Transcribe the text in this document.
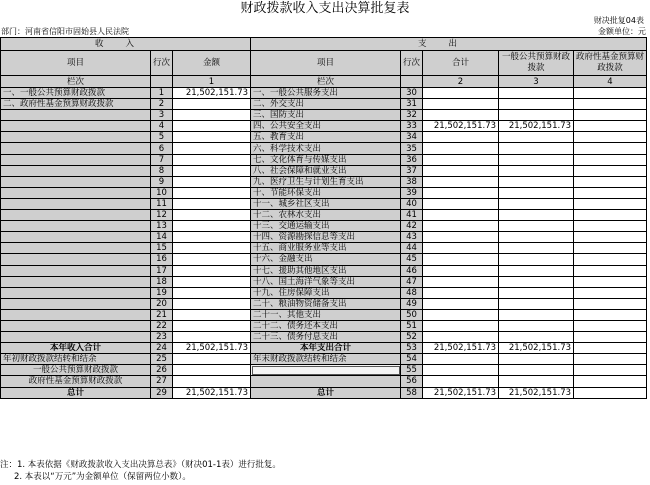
财政拨款收入支出决算批复表
财决批复04表
部门：河南省信阳市固始县人民法院	金额单位：元
收入			支出				
项目	行次	金额	项目	行次	合计	一般公共预算财政拨款	政府性基金预算财政拨款
栏次		1	栏次		2	3	4
一、一般公共预算财政拨款	1	21,502,151.73	一、一般公共服务支出	30			
二、政府性基金预算财政拨款	2		二、外交支出	31			
	3		三、国防支出	32			
	4		四、公共安全支出	33	21,502,151.73	21,502,151.73	
	5		五、教育支出	34			
	6		六、科学技术支出	35			
	7		七、文化体育与传媒支出	36			
	8		八、社会保障和就业支出	37			
	9		九、医疗卫生与计划生育支出	38			
	10		十、节能环保支出	39			
	11		十一、城乡社区支出	40			
	12		十二、农林水支出	41			
	13		十三、交通运输支出	42			
	14		十四、资源勘探信息等支出	43			
	15		十五、商业服务业等支出	44			
	16		十六、金融支出	45			
	17		十七、援助其他地区支出	46			
	18		十八、国土海洋气象等支出	47			
	19		十九、住房保障支出	48			
	20		二十、粮油物资储备支出	49			
	21		二十一、其他支出	50			
	22		二十二、债务还本支出	51			
	23		二十三、债务付息支出	52			
本年收入合计	24	21,502,151.73	本年支出合计	53	21,502,151.73	21,502,151.73	
年初财政拨款结转和结余	25		年末财政拨款结转和结余	54			
一般公共预算财政拨款	26			55			
政府性基金预算财政拨款	27			56			
总计	29	21,502,151.73	总计	58	21,502,151.73	21,502,151.73	
注：1. 本表依据《财政拨款收入支出决算总表》（财决01-1表）进行批复。
2. 本表以“万元”为金额单位（保留两位小数）。
